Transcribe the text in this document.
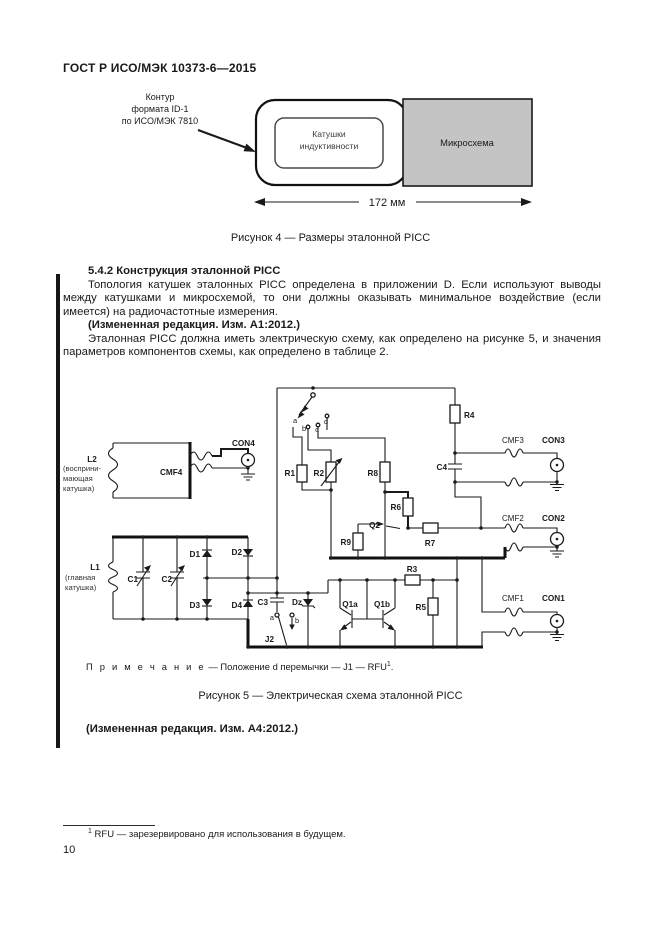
ГОСТ Р ИСО/МЭК 10373-6—2015
Контур
формата ID-1
по ИСО/МЭК 7810
Катушки
индуктивности	Микросхема
172 мм
Рисунок 4 — Размеры эталонной PICC

5.4.2 Конструкция эталонной PICC

Топология катушек эталонных PICC определена в приложении D. Если используют выводы между катушками и микросхемой, то они должны оказывать минимальное воздействие (если имеется) на радиочастотные измерения.

(Измененная редакция. Изм. А1:2012.)

Эталонная PICC должна иметь электрическую схему, как определено на рисунке 5, и значения параметров компонентов схемы, как определено в таблице 2.

L2
(восприни-
мающая
катушка)
CMF4
CON4
L1
(главная
катушка)
C1	C2
D1	D2
D3	D4 C3	Dz
a	b
J2
Q1a Q1b
R3
R5
a
b c
d
R1 R2	R8
R4
C4
R6
Q2
R9	R7
CMF3 CON3
CMF2 CON2
CMF1 CON1
П р и м е ч а н и е — Положение d перемычки — J1 — RFU$^1$.
Рисунок 5 — Электрическая схема эталонной PICC
(Измененная редакция. Изм. А4:2012.)
$^1$ RFU — зарезервировано для использования в будущем.
10
